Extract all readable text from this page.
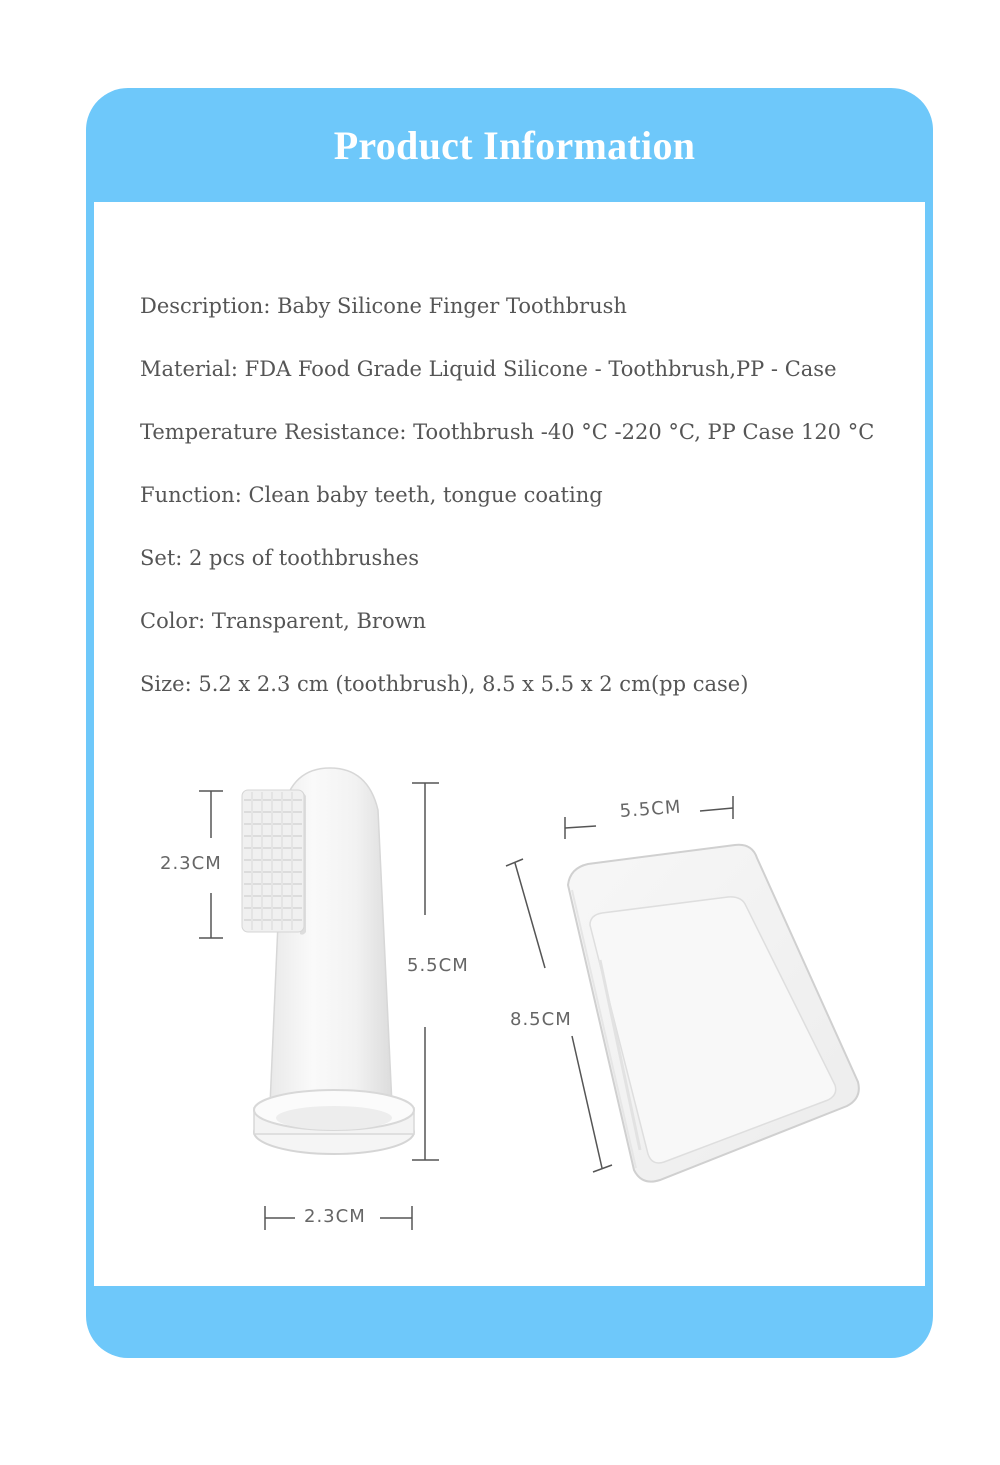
Product Information
Description: Baby Silicone Finger Toothbrush
Material: FDA Food Grade Liquid Silicone - Toothbrush,PP - Case
Temperature Resistance: Toothbrush -40 °C -220 °C, PP Case 120 °C
Function: Clean baby teeth, tongue coating
Set: 2 pcs of toothbrushes
Color: Transparent, Brown
Size: 5.2 x 2.3 cm (toothbrush), 8.5 x 5.5 x 2 cm(pp case)
2.3CM
5.5CM
2.3CM
5.5CM
8.5CM
